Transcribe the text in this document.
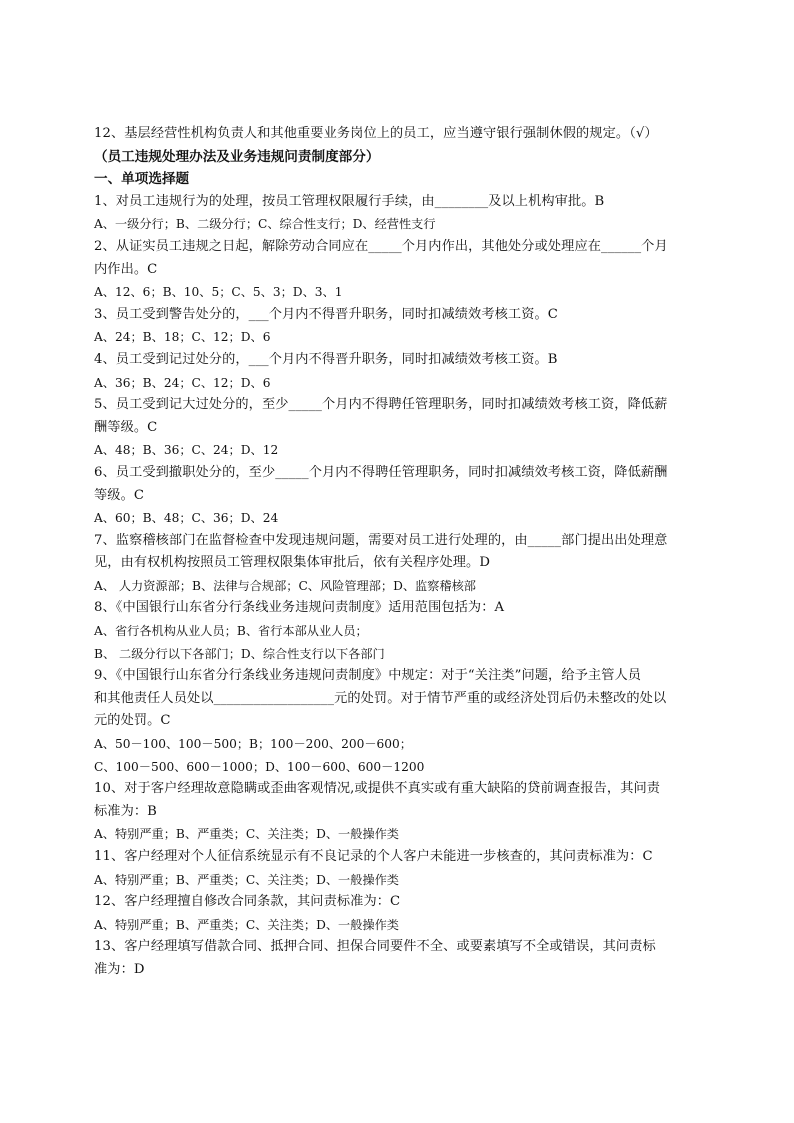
12、基层经营性机构负责人和其他重要业务岗位上的员工，应当遵守银行强制休假的规定。（√）
（员工违规处理办法及业务违规问责制度部分）
一、单项选择题
1、对员工违规行为的处理，按员工管理权限履行手续，由________及以上机构审批。B
A、一级分行；B、二级分行；C、综合性支行；D、经营性支行
2、从证实员工违规之日起，解除劳动合同应在_____个月内作出，其他处分或处理应在______个月
内作出。C
A、12、6；B、10、5；C、5、3；D、3、1
3、员工受到警告处分的，___个月内不得晋升职务，同时扣减绩效考核工资。C
A、24；B、18；C、12；D、6
4、员工受到记过处分的，___个月内不得晋升职务，同时扣减绩效考核工资。B
A、36；B、24；C、12；D、6
5、员工受到记大过处分的，至少_____个月内不得聘任管理职务，同时扣减绩效考核工资，降低薪
酬等级。C
A、48；B、36；C、24；D、12
6、员工受到撤职处分的，至少_____个月内不得聘任管理职务，同时扣减绩效考核工资，降低薪酬
等级。C
A、60；B、48；C、36；D、24
7、监察稽核部门在监督检查中发现违规问题，需要对员工进行处理的，由_____部门提出出处理意
见，由有权机构按照员工管理权限集体审批后，依有关程序处理。D
A、 人力资源部；B、法律与合规部；C、风险管理部；D、监察稽核部
8、《中国银行山东省分行条线业务违规问责制度》适用范围包括为：A
A、省行各机构从业人员；B、省行本部从业人员；
B、 二级分行以下各部门；D、综合性支行以下各部门
9、《中国银行山东省分行条线业务违规问责制度》中规定：对于“关注类”问题，给予主管人员
和其他责任人员处以__________________元的处罚。对于情节严重的或经济处罚后仍未整改的处以
元的处罚。C
A、50－100、100－500；B；100－200、200－600；
C、100－500、600－1000；D、100－600、600－1200
10、对于客户经理故意隐瞒或歪曲客观情况,或提供不真实或有重大缺陷的贷前调查报告，其问责
标准为：B
A、特别严重；B、严重类；C、关注类；D、一般操作类
11、客户经理对个人征信系统显示有不良记录的个人客户未能进一步核查的，其问责标准为：C
A、特别严重；B、严重类；C、关注类；D、一般操作类
12、客户经理擅自修改合同条款，其问责标准为：C
A、特别严重；B、严重类；C、关注类；D、一般操作类
13、客户经理填写借款合同、抵押合同、担保合同要件不全、或要素填写不全或错误，其问责标
准为：D
